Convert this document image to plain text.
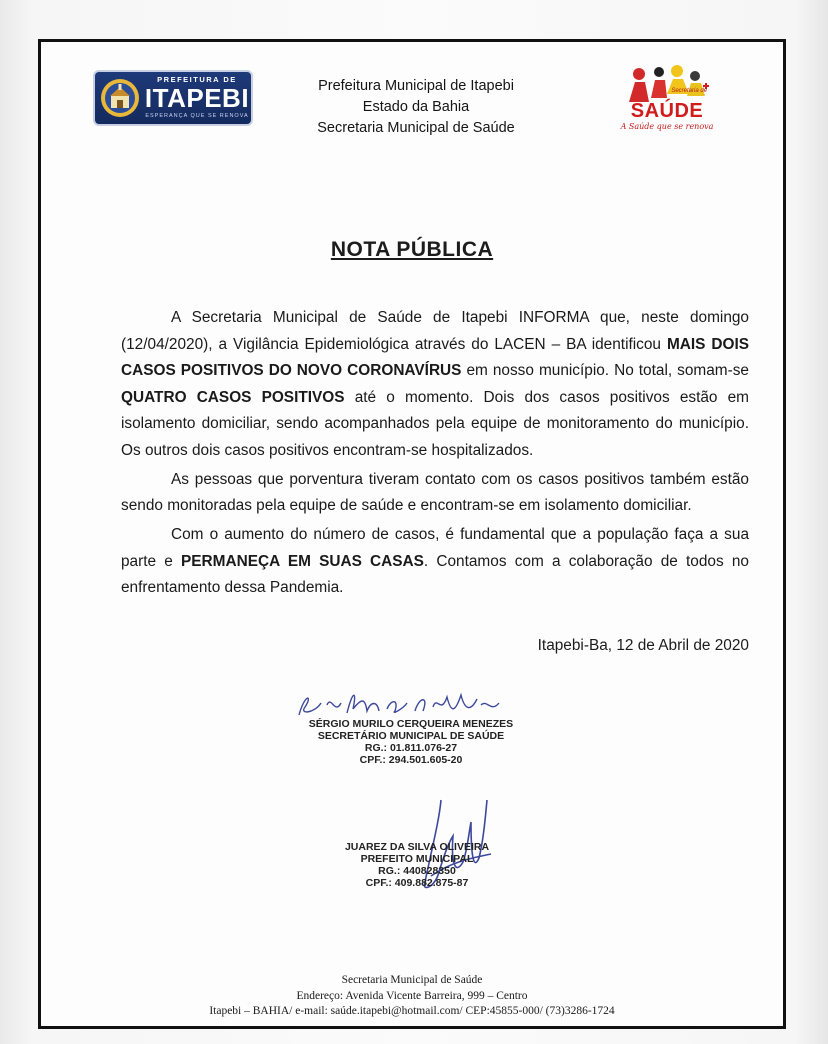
PREFEITURA DE
ITAPEBI
ESPERANÇA QUE SE RENOVA
Prefeitura Municipal de Itapebi
Estado da Bahia
Secretaria Municipal de Saúde
Secretaria de
SAÚDE
A Saúde que se renova
NOTA PÚBLICA

A Secretaria Municipal de Saúde de Itapebi INFORMA que, neste domingo (12/04/2020), a Vigilância Epidemiológica através do LACEN – BA identificou MAIS DOIS CASOS POSITIVOS DO NOVO CORONAVÍRUS em nosso município. No total, somam-se QUATRO CASOS POSITIVOS até o momento. Dois dos casos positivos estão em isolamento domiciliar, sendo acompanhados pela equipe de monitoramento do município. Os outros dois casos positivos encontram-se hospitalizados.

As pessoas que porventura tiveram contato com os casos positivos também estão sendo monitoradas pela equipe de saúde e encontram-se em isolamento domiciliar.

Com o aumento do número de casos, é fundamental que a população faça a sua parte e PERMANEÇA EM SUAS CASAS. Contamos com a colaboração de todos no enfrentamento dessa Pandemia.

Itapebi-Ba, 12 de Abril de 2020
SÉRGIO MURILO CERQUEIRA MENEZES
SECRETÁRIO MUNICIPAL DE SAÚDE
RG.: 01.811.076-27
CPF.: 294.501.605-20
JUAREZ DA SILVA OLIVEIRA
PREFEITO MUNICIPAL
RG.: 440828350
CPF.: 409.882.875-87
Secretaria Municipal de Saúde
Endereço: Avenida Vicente Barreira, 999 – Centro
Itapebi – BAHIA/ e-mail: saúde.itapebi@hotmail.com/ CEP:45855-000/ (73)3286-1724
